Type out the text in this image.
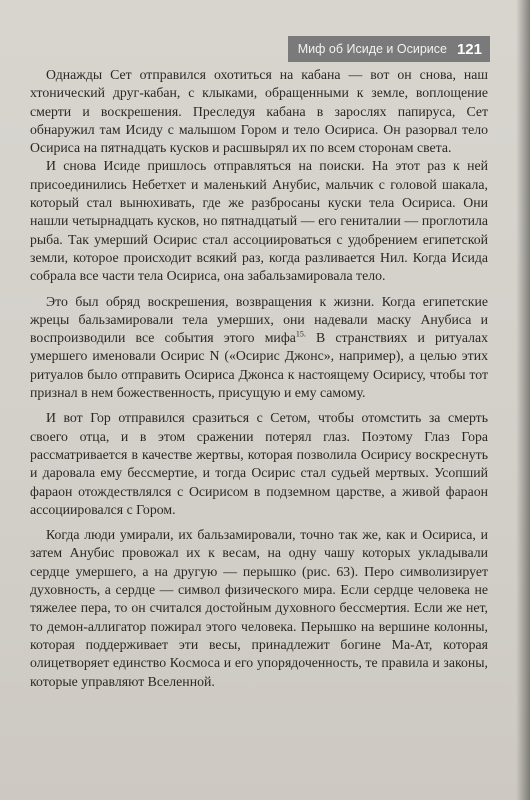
Миф об Исиде и Осирисе 121

Однажды Сет отправился охотиться на кабана — вот он снова, наш хтонический друг-кабан, с клыками, обращенными к земле, воплощение смерти и воскрешения. Преследуя кабана в зарослях папируса, Сет обнаружил там Исиду с малышом Гором и тело Осириса. Он разорвал тело Осириса на пятнадцать кусков и расшвырял их по всем сторонам света.

И снова Исиде пришлось отправляться на поиски. На этот раз к ней присоединились Небетхет и маленький Анубис, мальчик с головой шакала, который стал вынюхивать, где же разбросаны куски тела Осириса. Они нашли четырнадцать кусков, но пятнадцатый — его гениталии — проглотила рыба. Так умерший Осирис стал ассоциироваться с удобрением египетской земли, которое происходит всякий раз, когда разливается Нил. Когда Исида собрала все части тела Осириса, она забальзамировала тело.

Это был обряд воскрешения, возвращения к жизни. Когда египетские жрецы бальзамировали тела умерших, они надевали маску Анубиса и воспроизводили все события этого мифа$^{15.}$ В странствиях и ритуалах умершего именовали Осирис N («Осирис Джонс», например), а целью этих ритуалов было отправить Осириса Джонса к настоящему Осирису, чтобы тот признал в нем божественность, присущую и ему самому.

И вот Гор отправился сразиться с Сетом, чтобы отомстить за смерть своего отца, и в этом сражении потерял глаз. Поэтому Глаз Гора рассматривается в качестве жертвы, которая позволила Осирису воскреснуть и даровала ему бессмертие, и тогда Осирис стал судьей мертвых. Усопший фараон отождествлялся с Осирисом в подземном царстве, а живой фараон ассоциировался с Гором.

Когда люди умирали, их бальзамировали, точно так же, как и Осириса, и затем Анубис провожал их к весам, на одну чашу которых укладывали сердце умершего, а на другую — перышко (рис. 63). Перо символизирует духовность, а сердце — символ физического мира. Если сердце человека не тяжелее пера, то он считался достойным духовного бессмертия. Если же нет, то демон-аллигатор пожирал этого человека. Перышко на вершине колонны, которая поддерживает эти весы, принадлежит богине Ма-Ат, которая олицетворяет единство Космоса и его упорядоченность, те правила и законы, которые управляют Вселенной.
